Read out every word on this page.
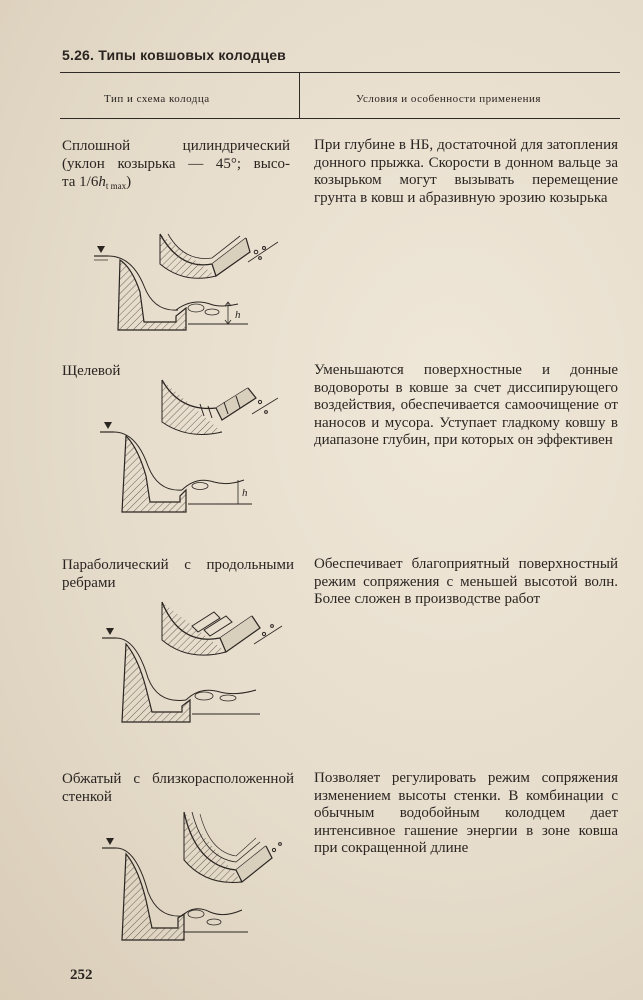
5.26. Типы ковшовых колодцев
Тип и схема колодца	Условия и особенности применения
Сплошной цилиндрический
(уклон козырька — 45°; высо-
та $1/6h_{t max}$)
При глубине в НБ, достаточной для затопления донного прыжка. Скорости в донном вальце за козырьком могут вызывать перемещение грунта в ковш и абразивную эрозию козырька
h
Щелевой	Уменьшаются поверхностные и донные водовороты в ковше за счет диссипирующего воздействия, обеспечивается самоочищение от наносов и мусора. Уступает гладкому ковшу в диапазоне глубин, при которых он эффективен
h
Параболический с продольными ребрами
Обеспечивает благоприятный поверхностный режим сопряжения с меньшей высотой волн. Более сложен в производстве работ
Обжатый с близкорасположенной стенкой
Позволяет регулировать режим сопряжения изменением высоты стенки. В комбинации с обычным водобойным колодцем дает интенсивное гашение энергии в зоне ковша при сокращенной длине
252
